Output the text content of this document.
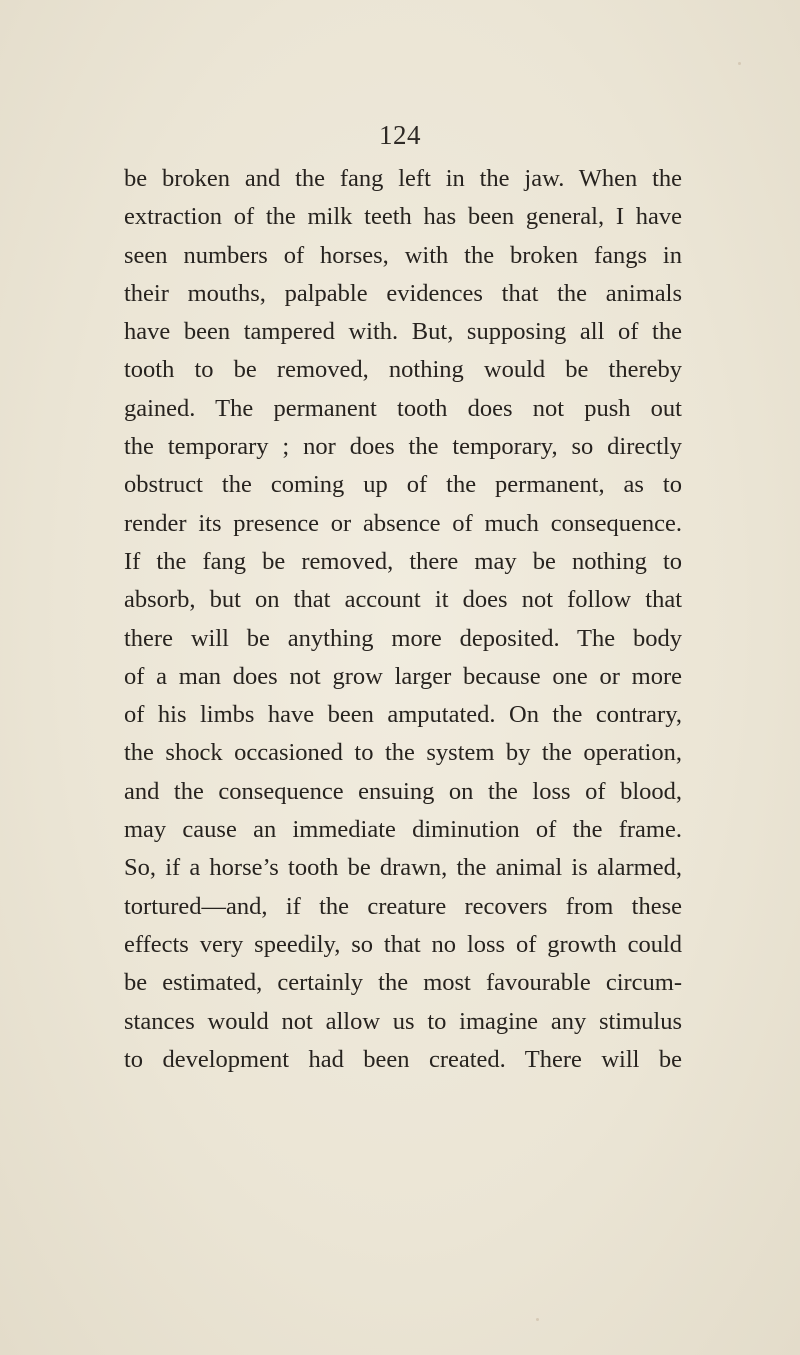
124
be broken and the fang left in the jaw. When the
extraction of the milk teeth has been general, I have
seen numbers of horses, with the broken fangs in
their mouths, palpable evidences that the animals
have been tampered with. But, supposing all of the
tooth to be removed, nothing would be thereby
gained. The permanent tooth does not push out
the temporary ; nor does the temporary, so directly
obstruct the coming up of the permanent, as to
render its presence or absence of much consequence.
If the fang be removed, there may be nothing to
absorb, but on that account it does not follow that
there will be anything more deposited. The body
of a man does not grow larger because one or more
of his limbs have been amputated. On the contrary,
the shock occasioned to the system by the operation,
and the consequence ensuing on the loss of blood,
may cause an immediate diminution of the frame.
So, if a horse’s tooth be drawn, the animal is alarmed,
tortured—and, if the creature recovers from these
effects very speedily, so that no loss of growth could
be estimated, certainly the most favourable circum-
stances would not allow us to imagine any stimulus
to development had been created. There will be
